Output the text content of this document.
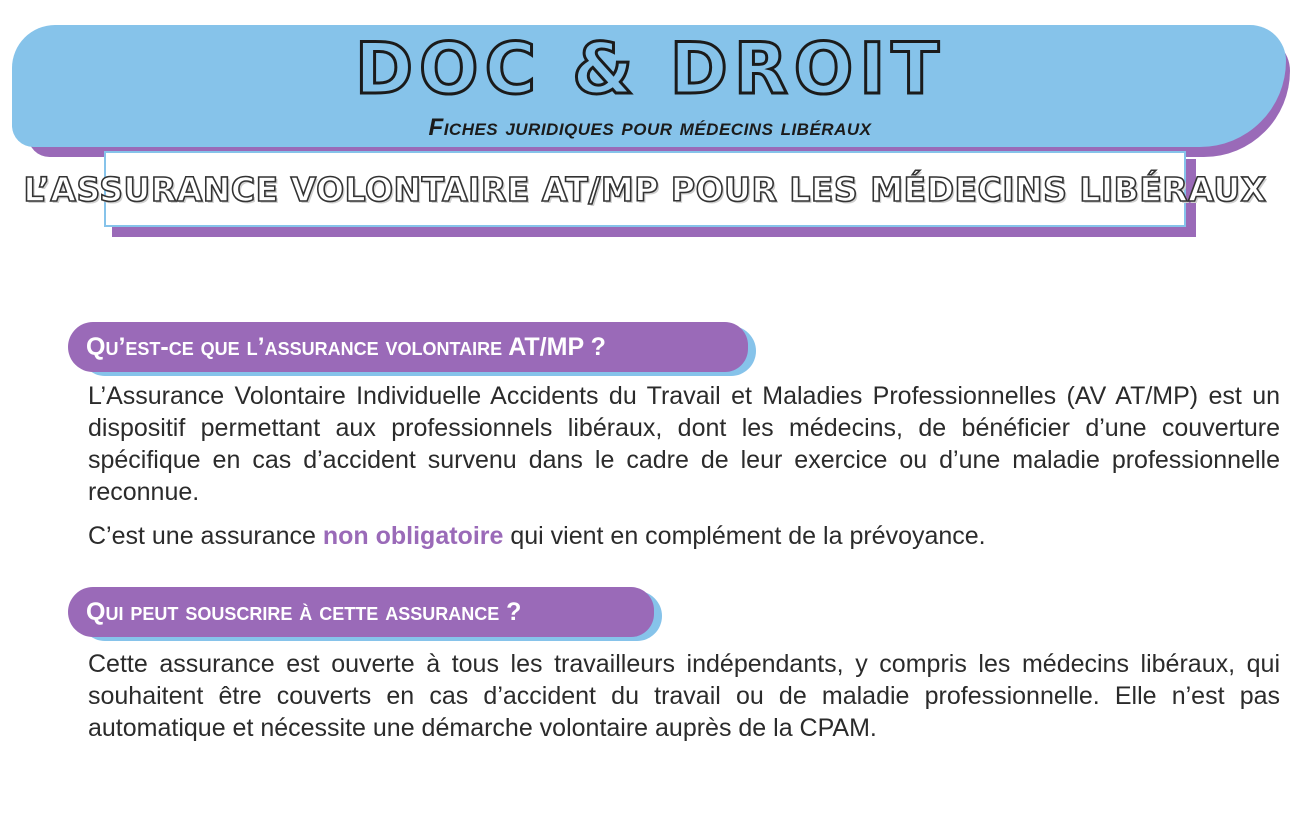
DOC & DROIT
Fiches juridiques pour médecins libéraux
L’ASSURANCE VOLONTAIRE AT/MP POUR LES MÉDECINS LIBÉRAUX
Qu’est-ce que l’assurance volontaire AT/MP ?

L’Assurance Volontaire Individuelle Accidents du Travail et Maladies Professionnelles (AV AT/MP) est un dispositif permettant aux professionnels libéraux, dont les médecins, de bénéficier d’une couverture spécifique en cas d’accident survenu dans le cadre de leur exercice ou d’une maladie professionnelle reconnue.

C’est une assurance non obligatoire qui vient en complément de la prévoyance.

Qui peut souscrire à cette assurance ?

Cette assurance est ouverte à tous les travailleurs indépendants, y compris les médecins libéraux, qui souhaitent être couverts en cas d’accident du travail ou de maladie professionnelle. Elle n’est pas automatique et nécessite une démarche volontaire auprès de la CPAM.
